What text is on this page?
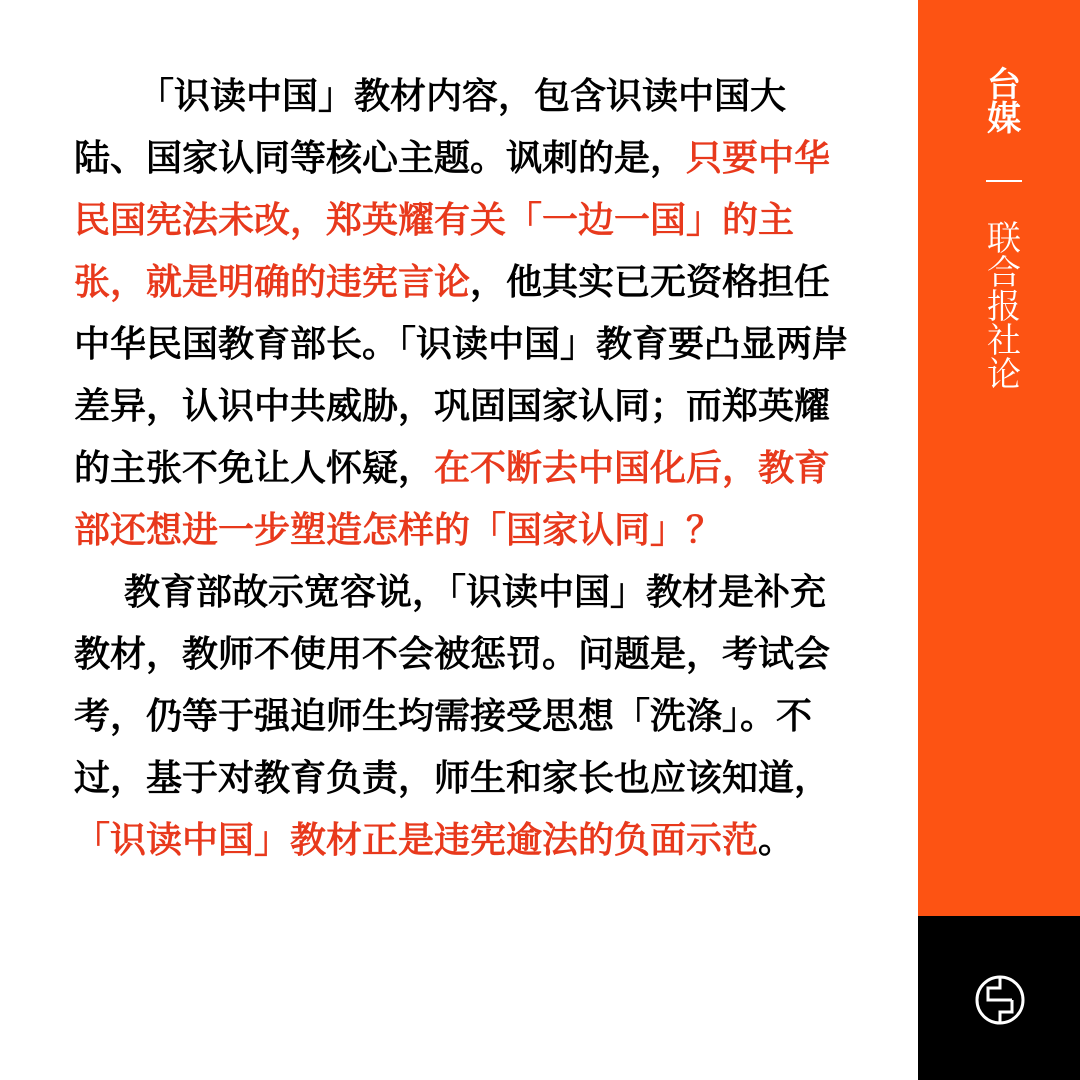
「识读中国」教材内容，包含识读中国大陆、国家认同等核心主题。讽刺的是，只要中华民国宪法未改，郑英耀有关「一边一国」的主张，就是明确的违宪言论，他其实已无资格担任中华民国教育部长。「识读中国」教育要凸显两岸差异，认识中共威胁，巩固国家认同；而郑英耀的主张不免让人怀疑，在不断去中国化后，教育部还想进一步塑造怎样的「国家认同」？

教育部故示宽容说，「识读中国」教材是补充教材，教师不使用不会被惩罚。问题是，考试会考，仍等于强迫师生均需接受思想「洗涤」。不过，基于对教育负责，师生和家长也应该知道，「识读中国」教材正是违宪逾法的负面示范。

台媒
联合报社论
